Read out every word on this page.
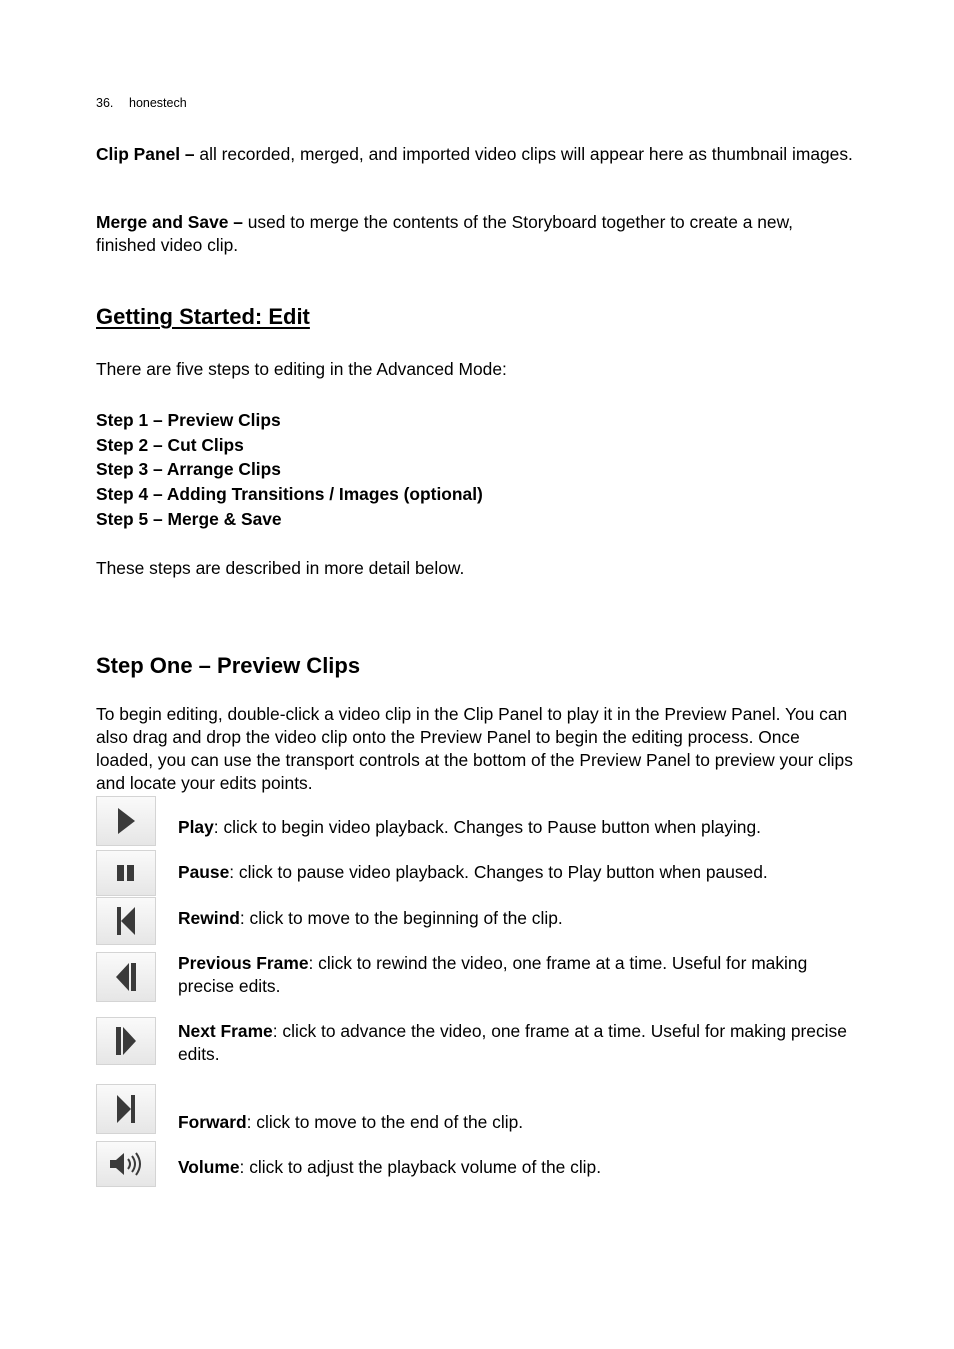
36. honestech
Clip Panel – all recorded, merged, and imported video clips will appear here as thumbnail images.
Merge and Save – used to merge the contents of the Storyboard together to create a new, finished video clip.
Getting Started: Edit
There are five steps to editing in the Advanced Mode:
Step 1 – Preview Clips
Step 2 – Cut Clips
Step 3 – Arrange Clips
Step 4 – Adding Transitions / Images (optional)
Step 5 – Merge & Save
These steps are described in more detail below.
Step One – Preview Clips
To begin editing, double-click a video clip in the Clip Panel to play it in the Preview Panel. You can also drag and drop the video clip onto the Preview Panel to begin the editing process. Once loaded, you can use the transport controls at the bottom of the Preview Panel to preview your clips and locate your edits points.
Play: click to begin video playback. Changes to Pause button when playing.
Pause: click to pause video playback. Changes to Play button when paused.
Rewind: click to move to the beginning of the clip.
Previous Frame: click to rewind the video, one frame at a time. Useful for making precise edits.
Next Frame: click to advance the video, one frame at a time. Useful for making precise edits.
Forward: click to move to the end of the clip.
Volume: click to adjust the playback volume of the clip.
